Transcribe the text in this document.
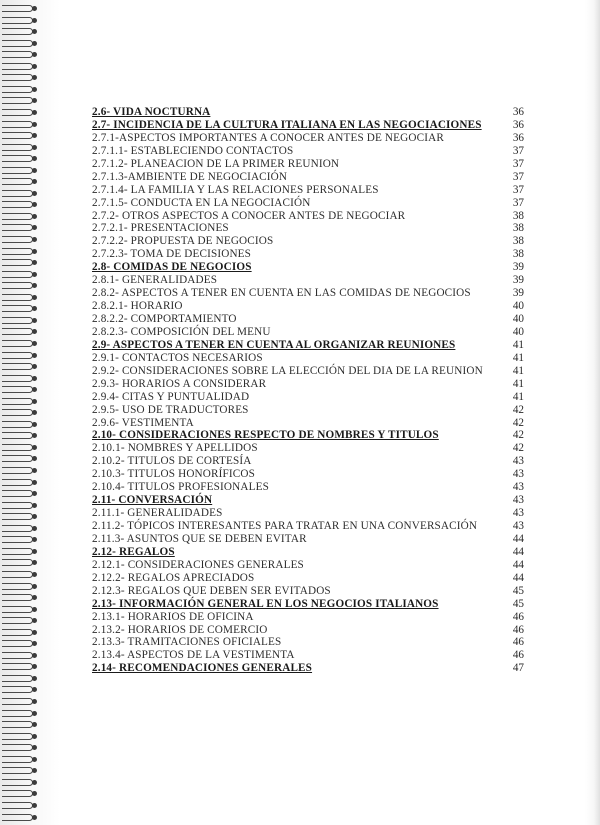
2.6- VIDA NOCTURNA	36
2.7- INCIDENCIA DE LA CULTURA ITALIANA EN LAS NEGOCIACIONES	36
2.7.1-ASPECTOS IMPORTANTES A CONOCER ANTES DE NEGOCIAR	36
2.7.1.1- ESTABLECIENDO CONTACTOS	37
2.7.1.2- PLANEACION DE LA PRIMER REUNION	37
2.7.1.3-AMBIENTE DE NEGOCIACIÓN	37
2.7.1.4- LA FAMILIA Y LAS RELACIONES PERSONALES	37
2.7.1.5- CONDUCTA EN LA NEGOCIACIÓN	37
2.7.2- OTROS ASPECTOS A CONOCER ANTES DE NEGOCIAR	38
2.7.2.1- PRESENTACIONES	38
2.7.2.2- PROPUESTA DE NEGOCIOS	38
2.7.2.3- TOMA DE DECISIONES	38
2.8- COMIDAS DE NEGOCIOS	39
2.8.1- GENERALIDADES	39
2.8.2- ASPECTOS A TENER EN CUENTA EN LAS COMIDAS DE NEGOCIOS	39
2.8.2.1- HORARIO	40
2.8.2.2- COMPORTAMIENTO	40
2.8.2.3- COMPOSICIÓN DEL MENU	40
2.9- ASPECTOS A TENER EN CUENTA AL ORGANIZAR REUNIONES	41
2.9.1- CONTACTOS NECESARIOS	41
2.9.2- CONSIDERACIONES SOBRE LA ELECCIÓN DEL DIA DE LA REUNION	41
2.9.3- HORARIOS A CONSIDERAR	41
2.9.4- CITAS Y PUNTUALIDAD	41
2.9.5- USO DE TRADUCTORES	42
2.9.6- VESTIMENTA	42
2.10- CONSIDERACIONES RESPECTO DE NOMBRES Y TITULOS	42
2.10.1- NOMBRES Y APELLIDOS	42
2.10.2- TITULOS DE CORTESÍA	43
2.10.3- TITULOS HONORÍFICOS	43
2.10.4- TITULOS PROFESIONALES	43
2.11- CONVERSACIÓN	43
2.11.1- GENERALIDADES	43
2.11.2- TÓPICOS INTERESANTES PARA TRATAR EN UNA CONVERSACIÓN	43
2.11.3- ASUNTOS QUE SE DEBEN EVITAR	44
2.12- REGALOS	44
2.12.1- CONSIDERACIONES GENERALES	44
2.12.2- REGALOS APRECIADOS	44
2.12.3- REGALOS QUE DEBEN SER EVITADOS	45
2.13- INFORMACIÓN GENERAL EN LOS NEGOCIOS ITALIANOS	45
2.13.1- HORARIOS DE OFICINA	46
2.13.2- HORARIOS DE COMERCIO	46
2.13.3- TRAMITACIONES OFICIALES	46
2.13.4- ASPECTOS DE LA VESTIMENTA	46
2.14- RECOMENDACIONES GENERALES	47
